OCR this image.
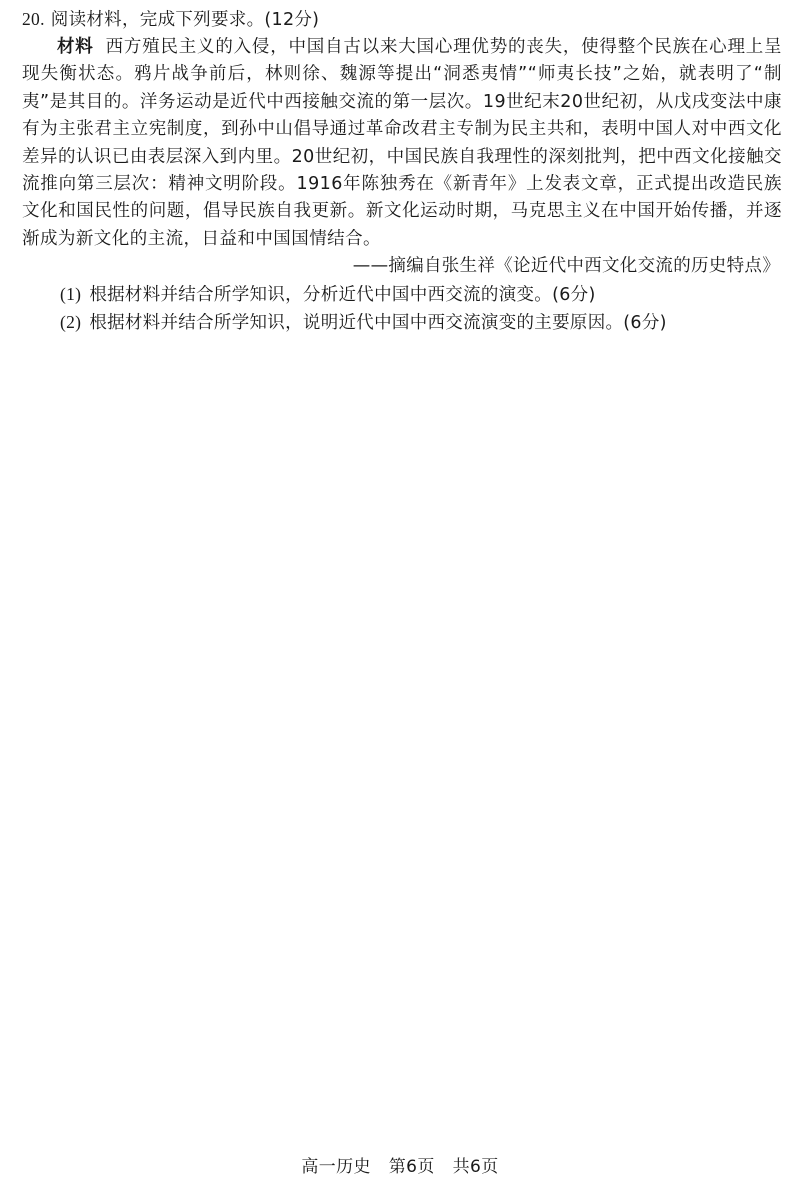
20. 阅读材料，完成下列要求。(12分)
材料 西方殖民主义的入侵，中国自古以来大国心理优势的丧失，使得整个民族在心理上呈现失衡状态。鸦片战争前后，林则徐、魏源等提出“洞悉夷情”“师夷长技”之始，就表明了“制夷”是其目的。洋务运动是近代中西接触交流的第一层次。19世纪末20世纪初，从戊戌变法中康有为主张君主立宪制度，到孙中山倡导通过革命改君主专制为民主共和，表明中国人对中西文化差异的认识已由表层深入到内里。20世纪初，中国民族自我理性的深刻批判，把中西文化接触交流推向第三层次：精神文明阶段。1916年陈独秀在《新青年》上发表文章，正式提出改造民族文化和国民性的问题，倡导民族自我更新。新文化运动时期，马克思主义在中国开始传播，并逐渐成为新文化的主流，日益和中国国情结合。
——摘编自张生祥《论近代中西文化交流的历史特点》
(1) 根据材料并结合所学知识，分析近代中国中西交流的演变。(6分)
(2) 根据材料并结合所学知识，说明近代中国中西交流演变的主要原因。(6分)
高一历史 第6页 共6页
